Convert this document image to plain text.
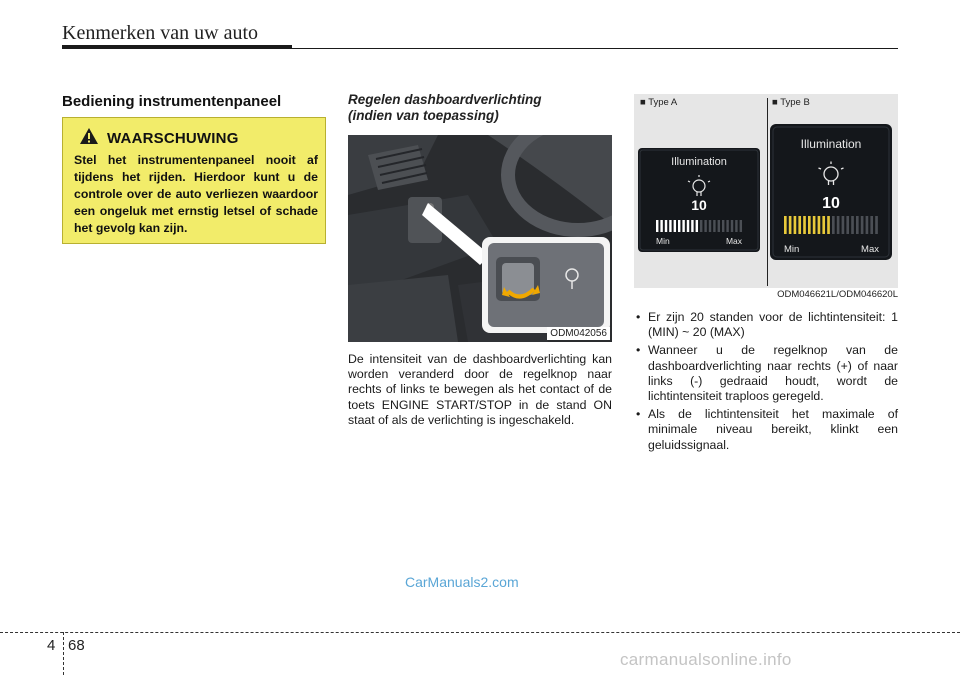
Kenmerken van uw auto
Bediening instrumentenpaneel
WAARSCHUWING
Stel het instrumentenpaneel nooit af tijdens het rijden. Hierdoor kunt u de controle over de auto verliezen waardoor een ongeluk met ernstig letsel of schade het gevolg kan zijn.
Regelen dashboardverlichting
(indien van toepassing)
ODM042056
De intensiteit van de dashboardverlichting kan worden veranderd door de regelknop naar rechts of links te bewegen als het contact of de toets ENGINE START/STOP in de stand ON staat of als de verlichting is ingeschakeld.
■ Type A	■ Type B
Illumination
10
Min	Max
Illumination
10
Min	Max
ODM046621L/ODM046620L
• Er zijn 20 standen voor de lichtintensiteit: 1 (MIN) ~ 20 (MAX)
• Wanneer u de regelknop van de dashboardverlichting naar rechts (+) of naar links (-) gedraaid houdt, wordt de lichtintensiteit traploos geregeld.
• Als de lichtintensiteit het maximale of minimale niveau bereikt, klinkt een geluidssignaal.
CarManuals2.com
4 68
carmanualsonline.info
